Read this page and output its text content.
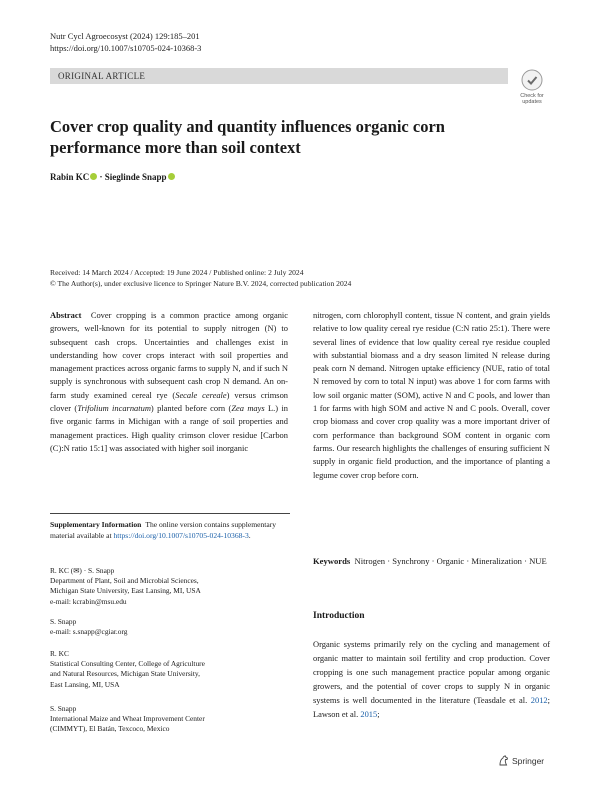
Nutr Cycl Agroecosyst (2024) 129:185–201
https://doi.org/10.1007/s10705-024-10368-3
ORIGINAL ARTICLE
Check for
updates
Cover crop quality and quantity influences organic corn performance more than soil context
Rabin KC · Sieglinde Snapp
Received: 14 March 2024 / Accepted: 19 June 2024 / Published online: 2 July 2024
© The Author(s), under exclusive licence to Springer Nature B.V. 2024, corrected publication 2024
Abstract Cover cropping is a common practice among organic growers, well-known for its potential to supply nitrogen (N) to subsequent cash crops. Uncertainties and challenges exist in understanding how cover crops interact with soil properties and management practices across organic farms to supply N, and if such N supply is synchronous with subsequent cash crop N demand. An on-farm study examined cereal rye (Secale cereale) versus crimson clover (Trifolium incarnatum) planted before corn (Zea mays L.) in five organic farms in Michigan with a range of soil properties and management practices. High quality crimson clover residue [Carbon (C):N ratio 15:1] was associated with higher soil inorganic
nitrogen, corn chlorophyll content, tissue N content, and grain yields relative to low quality cereal rye residue (C:N ratio 25:1). There were several lines of evidence that low quality cereal rye residue coupled with substantial biomass and a dry season limited N release during peak corn N demand. Nitrogen uptake efficiency (NUE, ratio of total N removed by corn to total N input) was above 1 for corn farms with low soil organic matter (SOM), active N and C pools, and lower than 1 for farms with high SOM and active N and C pools. Overall, cover crop biomass and cover crop quality was a more important driver of corn performance than background SOM content in organic corn farms. Our research highlights the challenges of ensuring sufficient N supply in organic field production, and the importance of planting a legume cover crop before corn.
Supplementary Information The online version contains supplementary material available at https://doi.org/10.1007/s10705-024-10368-3.
R. KC (✉) · S. Snapp
Department of Plant, Soil and Microbial Sciences,
Michigan State University, East Lansing, MI, USA
e-mail: kcrabin@msu.edu
S. Snapp
e-mail: s.snapp@cgiar.org
R. KC
Statistical Consulting Center, College of Agriculture
and Natural Resources, Michigan State University,
East Lansing, MI, USA
S. Snapp
International Maize and Wheat Improvement Center
(CIMMYT), El Batán, Texcoco, Mexico
Keywords Nitrogen · Synchrony · Organic · Mineralization · NUE
Introduction
Organic systems primarily rely on the cycling and management of organic matter to maintain soil fertility and crop production. Cover cropping is one such management practice popular among organic growers, and the potential of cover crops to supply N in organic systems is well documented in the literature (Teasdale et al. 2012; Lawson et al. 2015;
Springer
